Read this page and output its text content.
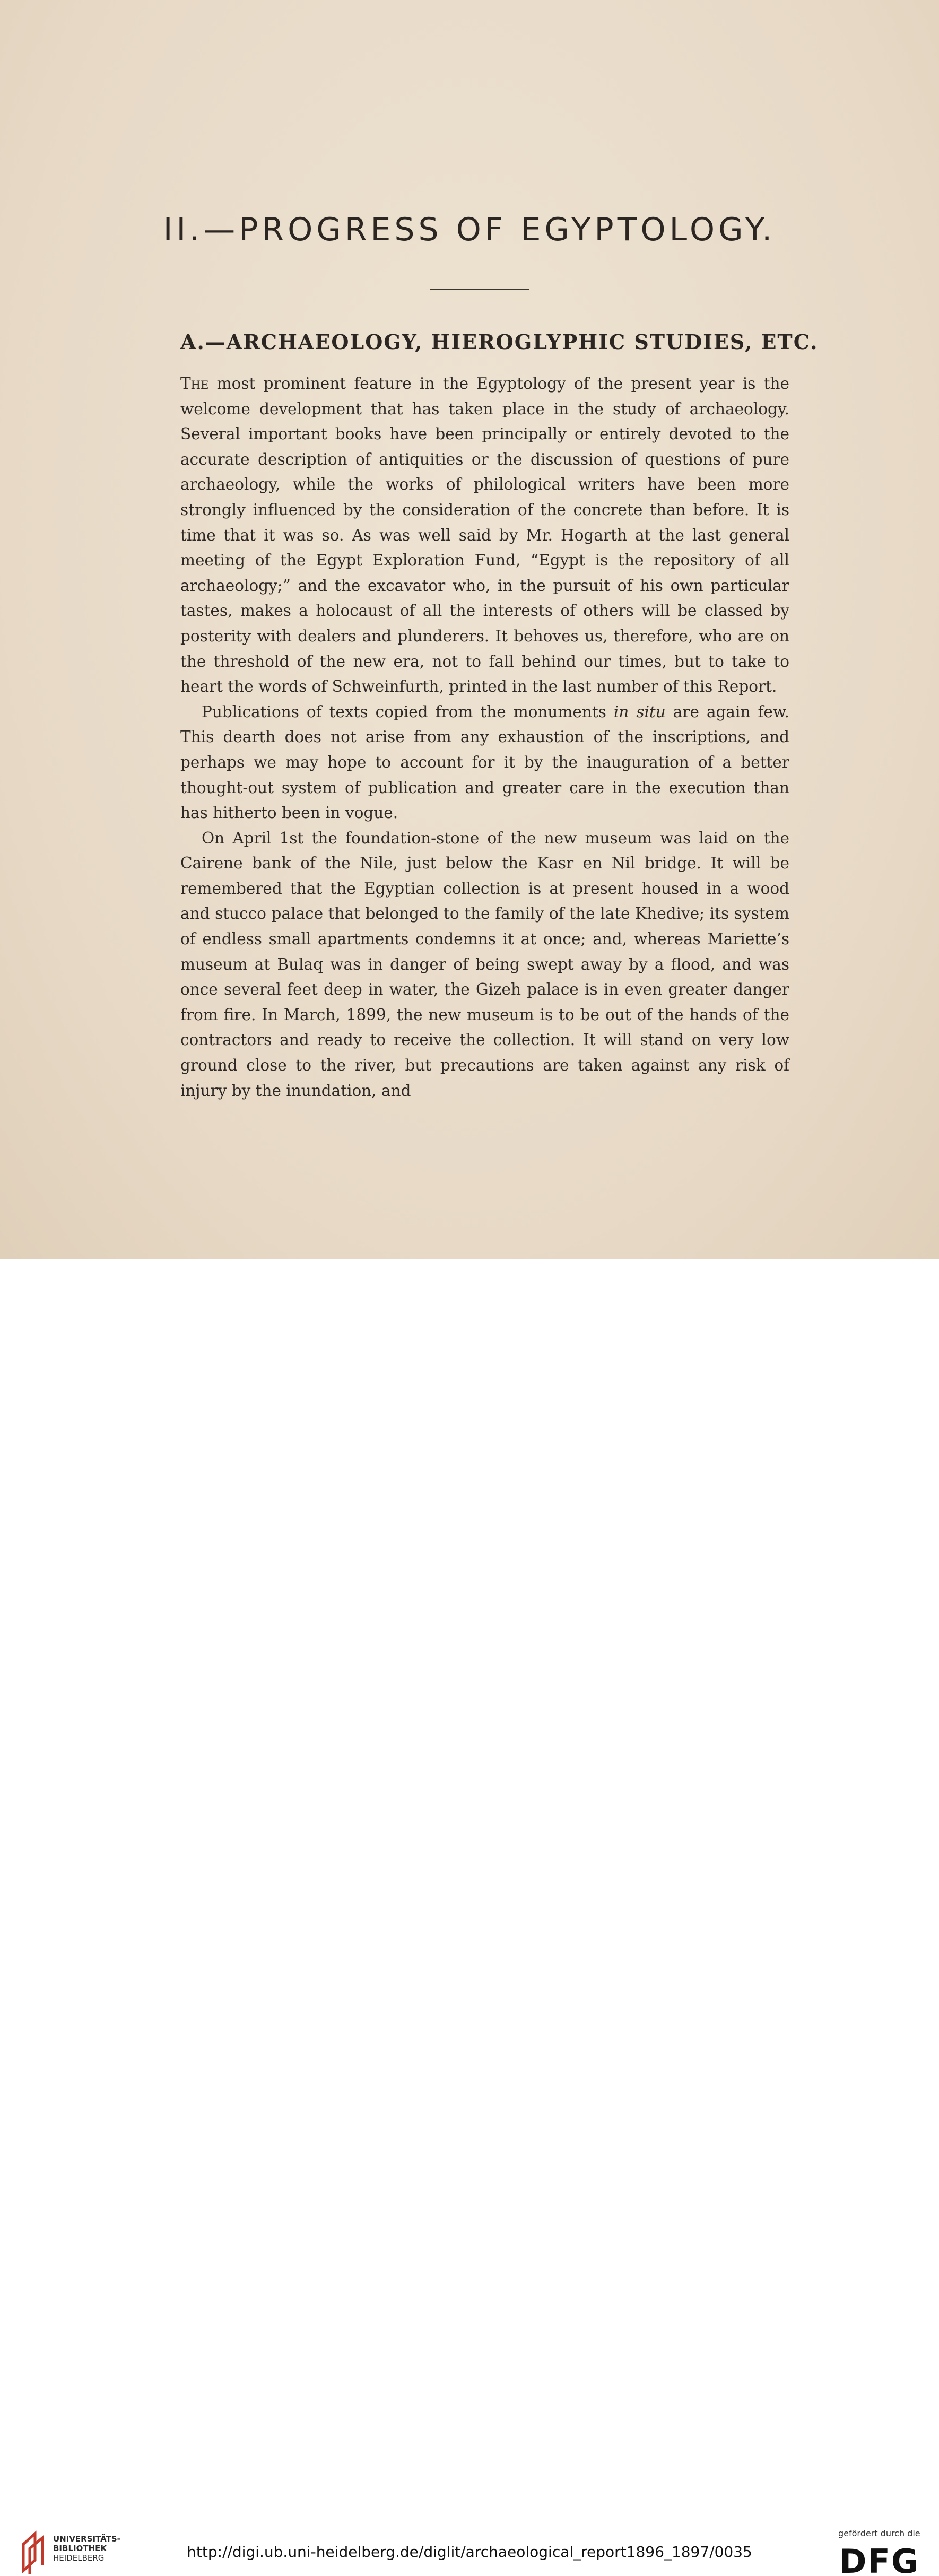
II.—PROGRESS OF EGYPTOLOGY.
A.—ARCHAEOLOGY, HIEROGLYPHIC STUDIES, ETC.

The most prominent feature in the Egyptology of the present year is the welcome development that has taken place in the study of archaeology. Several important books have been principally or entirely devoted to the accurate description of antiquities or the discussion of questions of pure archaeology, while the works of philological writers have been more strongly influenced by the consideration of the concrete than before. It is time that it was so. As was well said by Mr. Hogarth at the last general meeting of the Egypt Exploration Fund, “Egypt is the repository of all archaeology;” and the excavator who, in the pursuit of his own particular tastes, makes a holocaust of all the interests of others will be classed by posterity with dealers and plunderers. It behoves us, therefore, who are on the threshold of the new era, not to fall behind our times, but to take to heart the words of Schweinfurth, printed in the last number of this Report.

Publications of texts copied from the monuments in situ are again few. This dearth does not arise from any exhaustion of the inscriptions, and perhaps we may hope to account for it by the inauguration of a better thought-out system of publication and greater care in the execution than has hitherto been in vogue.

On April 1st the foundation-stone of the new museum was laid on the Cairene bank of the Nile, just below the Kasr en Nil bridge. It will be remembered that the Egyptian collection is at present housed in a wood and stucco palace that belonged to the family of the late Khedive; its system of endless small apartments condemns it at once; and, whereas Mariette’s museum at Bulaq was in danger of being swept away by a flood, and was once several feet deep in water, the Gizeh palace is in even greater danger from fire. In March, 1899, the new museum is to be out of the hands of the contractors and ready to receive the collection. It will stand on very low ground close to the river, but precautions are taken against any risk of injury by the inundation, and

UNIVERSITÄTS-
BIBLIOTHEK
HEIDELBERG	http://digi.ub.uni-heidelberg.de/diglit/archaeological_report1896_1897/0035
gefördert durch die
DFG
